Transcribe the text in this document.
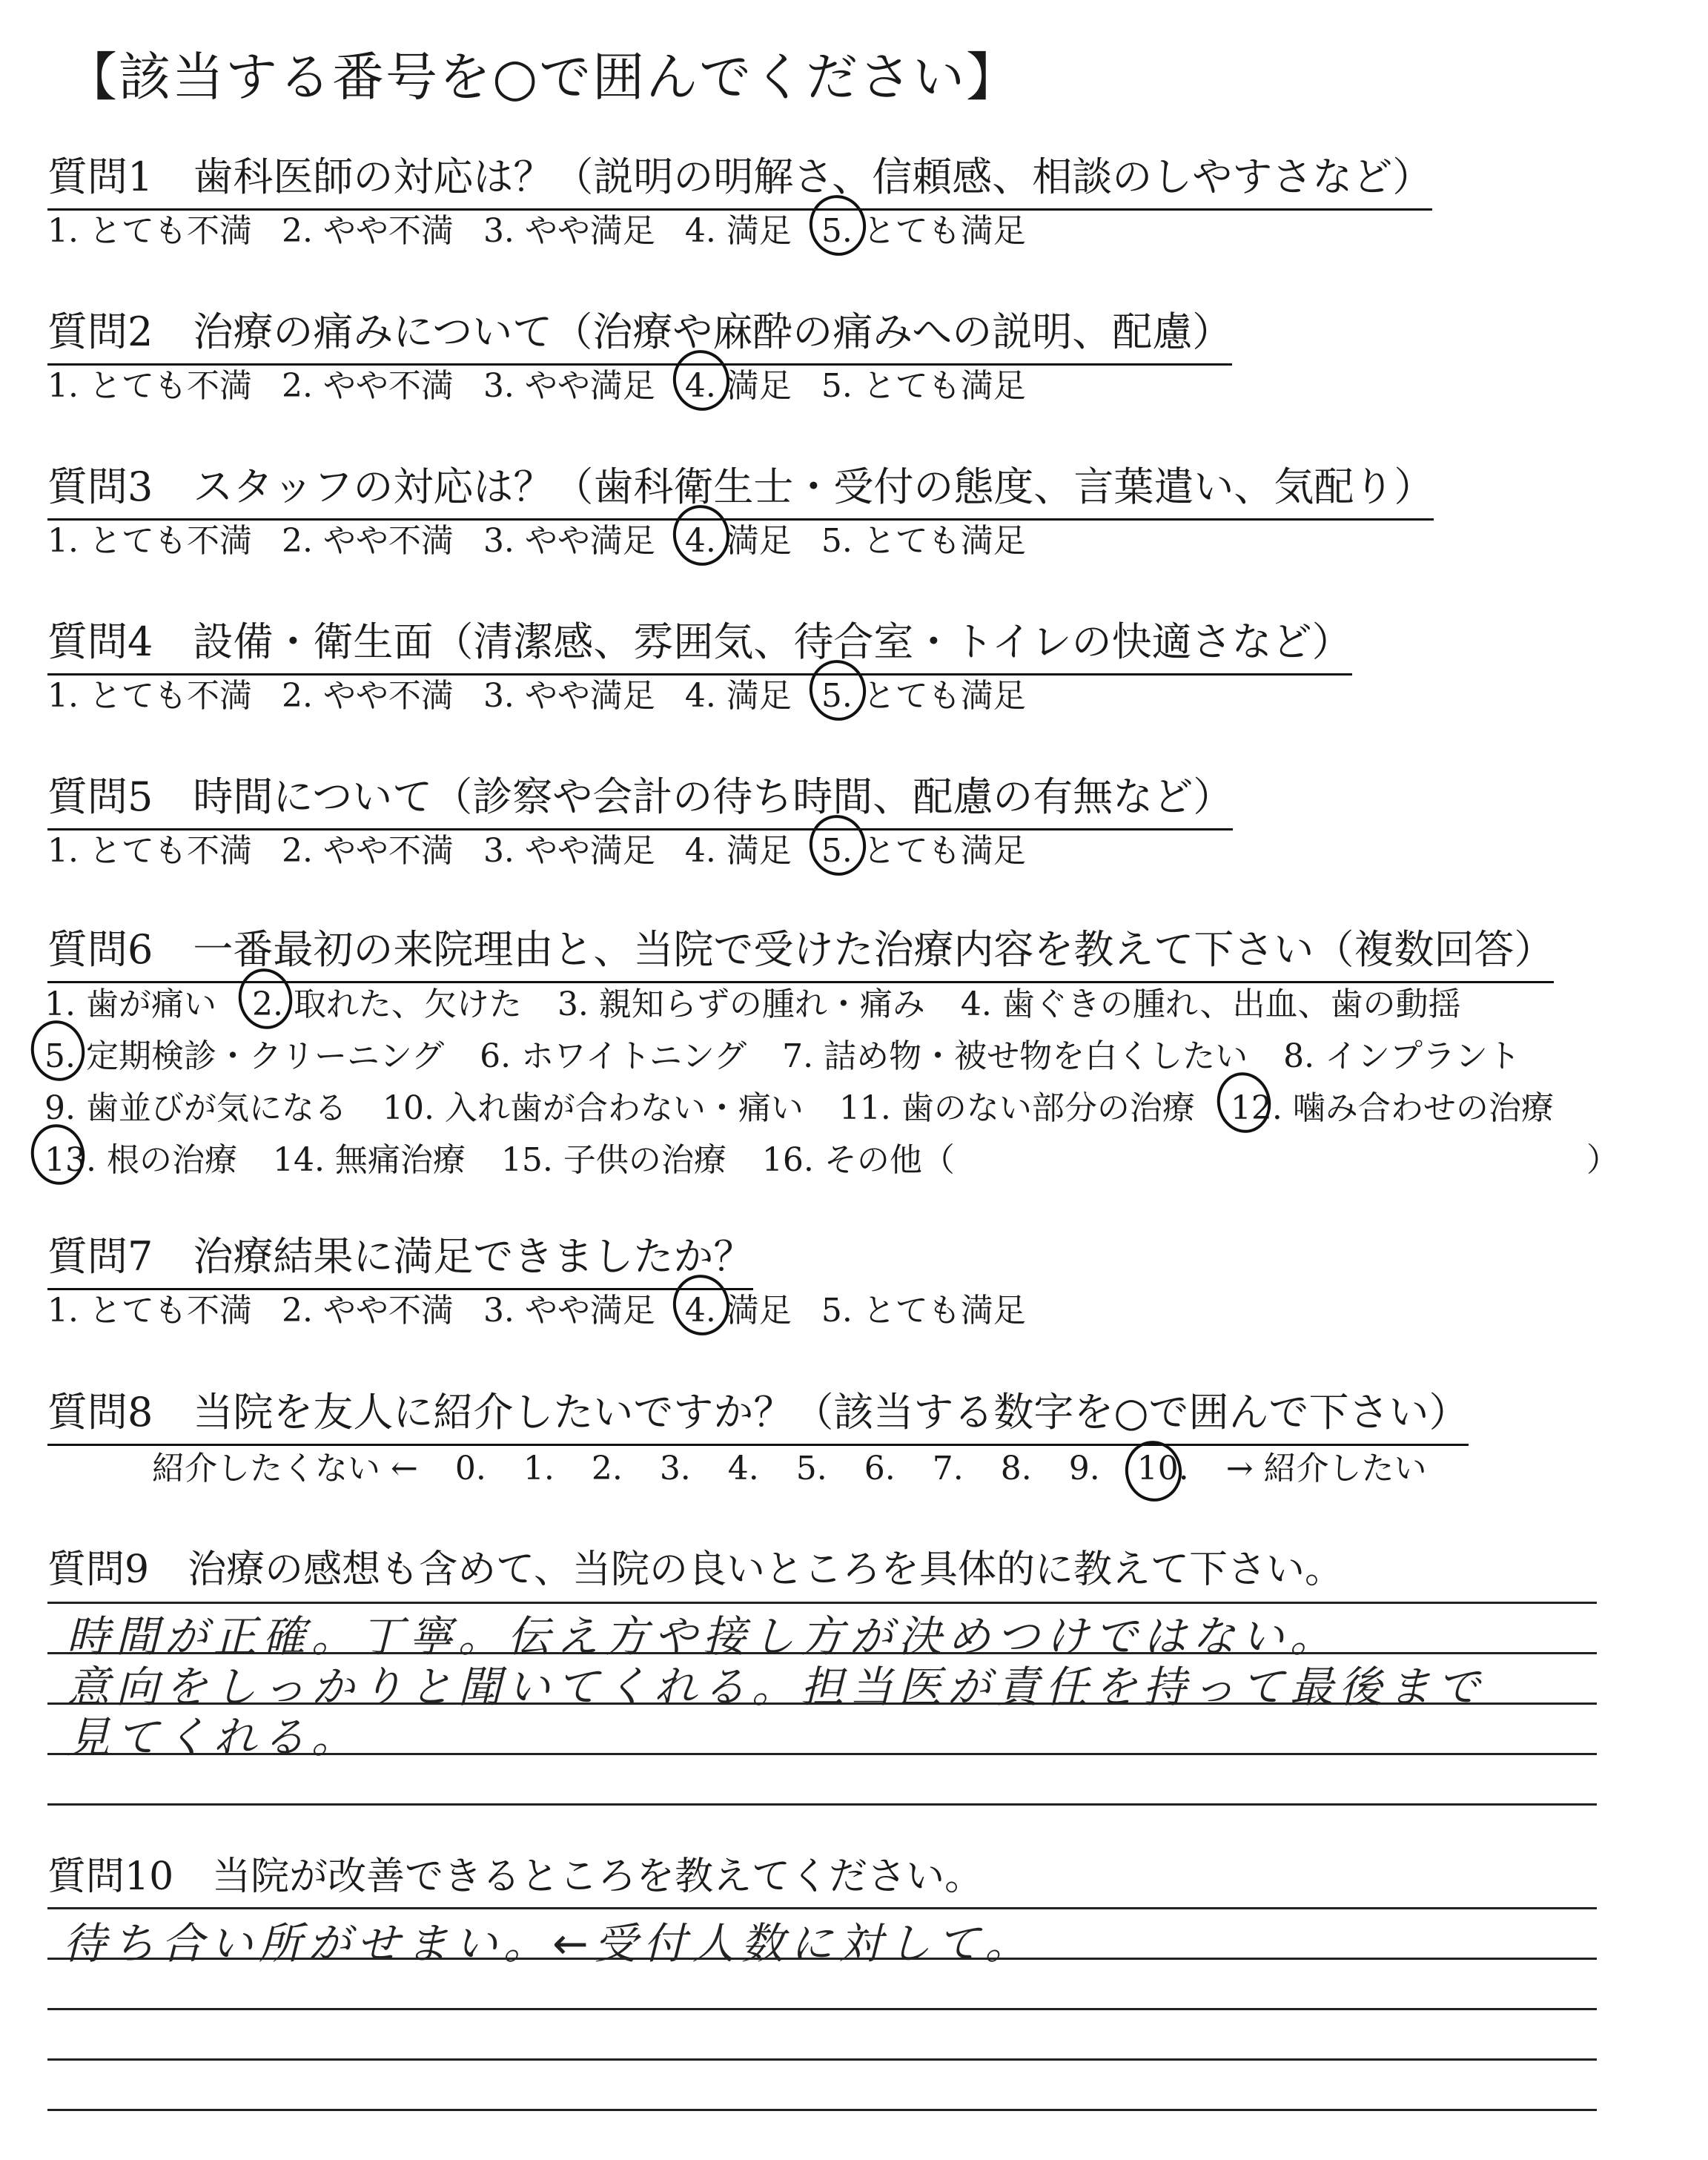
【該当する番号を○で囲んでください】
質問1　歯科医師の対応は？（説明の明解さ、信頼感、相談のしやすさなど）
1. とても不満 2. やや不満 3. やや満足 4. 満足 5. とても満足
質問2　治療の痛みについて（治療や麻酔の痛みへの説明、配慮）
1. とても不満 2. やや不満 3. やや満足 4. 満足 5. とても満足
質問3　スタッフの対応は？（歯科衛生士・受付の態度、言葉遣い、気配り）
1. とても不満 2. やや不満 3. やや満足 4. 満足 5. とても満足
質問4　設備・衛生面（清潔感、雰囲気、待合室・トイレの快適さなど）
1. とても不満 2. やや不満 3. やや満足 4. 満足 5. とても満足
質問5　時間について（診察や会計の待ち時間、配慮の有無など）
1. とても不満 2. やや不満 3. やや満足 4. 満足 5. とても満足
質問6　一番最初の来院理由と、当院で受けた治療内容を教えて下さい（複数回答）
1. 歯が痛い 2. 取れた、欠けた 3. 親知らずの腫れ・痛み 4. 歯ぐきの腫れ、出血、歯の動揺
5. 定期検診・クリーニング 6. ホワイトニング 7. 詰め物・被せ物を白くしたい 8. インプラント
9. 歯並びが気になる 10. 入れ歯が合わない・痛い 11. 歯のない部分の治療 12. 噛み合わせの治療
13. 根の治療 14. 無痛治療 15. 子供の治療 16. その他（	）
質問7　治療結果に満足できましたか？
1. とても不満 2. やや不満 3. やや満足 4. 満足 5. とても満足
質問8　当院を友人に紹介したいですか？（該当する数字を○で囲んで下さい）
紹介したくない ← 0. 1. 2. 3. 4. 5. 6. 7. 8. 9. 10. → 紹介したい
質問9　治療の感想も含めて、当院の良いところを具体的に教えて下さい。
時間が正確。丁寧。伝え方や接し方が決めつけではない。
意向をしっかりと聞いてくれる。担当医が責任を持って最後まで
見てくれる。
質問10　当院が改善できるところを教えてください。
待ち合い所がせまい。←受付人数に対して。
